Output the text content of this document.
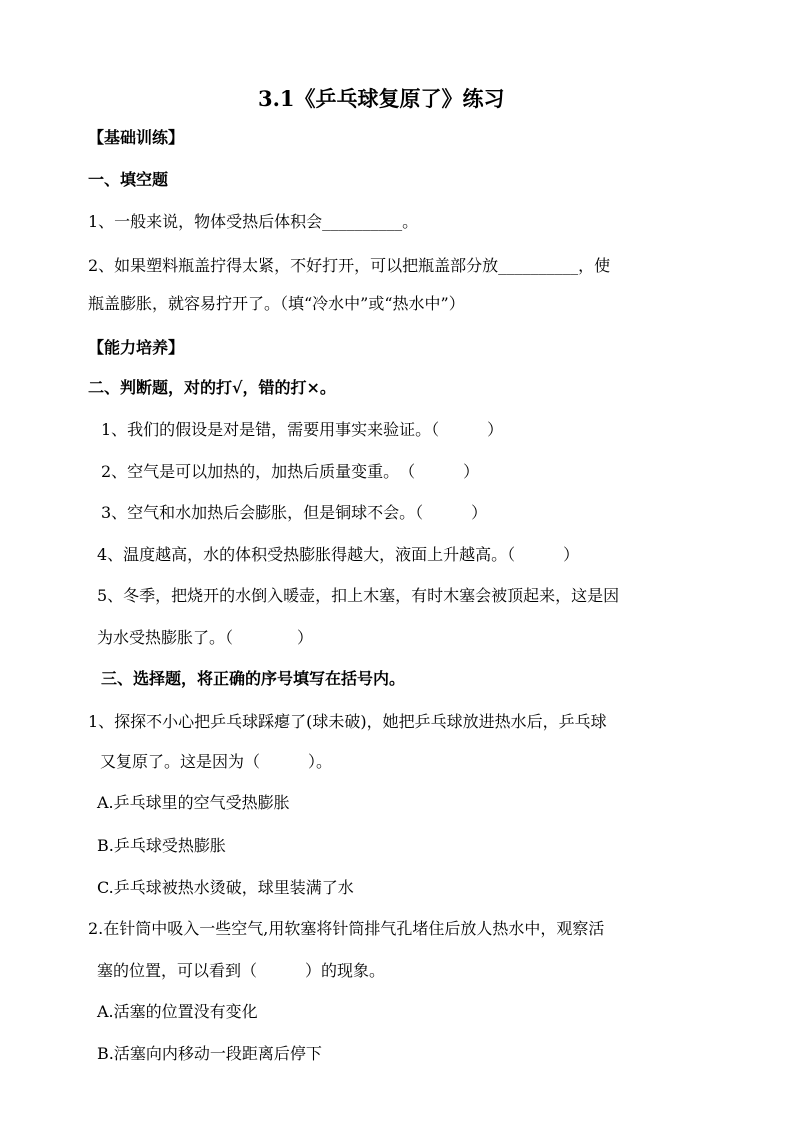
3.1《乒乓球复原了》练习
【基础训练】
一、填空题
1、一般来说，物体受热后体积会__________。
2、如果塑料瓶盖拧得太紧，不好打开，可以把瓶盖部分放__________，使
瓶盖膨胀，就容易拧开了。（填“冷水中”或“热水中”）
【能力培养】
二、判断题，对的打√，错的打×。
1、我们的假设是对是错，需要用事实来验证。（　　　）
2、空气是可以加热的，加热后质量变重。　（　　　）
3、空气和水加热后会膨胀，但是铜球不会。（　　　）
4、温度越高，水的体积受热膨胀得越大，液面上升越高。（　　　）
5、冬季，把烧开的水倒入暖壶，扣上木塞，有时木塞会被顶起来，这是因
为水受热膨胀了。（　　　　）
三、选择题，将正确的序号填写在括号内。
1、探探不小心把乒乓球踩瘪了(球未破)，她把乒乓球放进热水后，乒乓球
又复原了。这是因为（　　　）。
A.乒乓球里的空气受热膨胀
B.乒乓球受热膨胀
C.乒乓球被热水烫破，球里装满了水
2.在针筒中吸入一些空气,用软塞将针筒排气孔堵住后放人热水中，观察活
塞的位置，可以看到（　　　）的现象。
A.活塞的位置没有变化
B.活塞向内移动一段距离后停下
